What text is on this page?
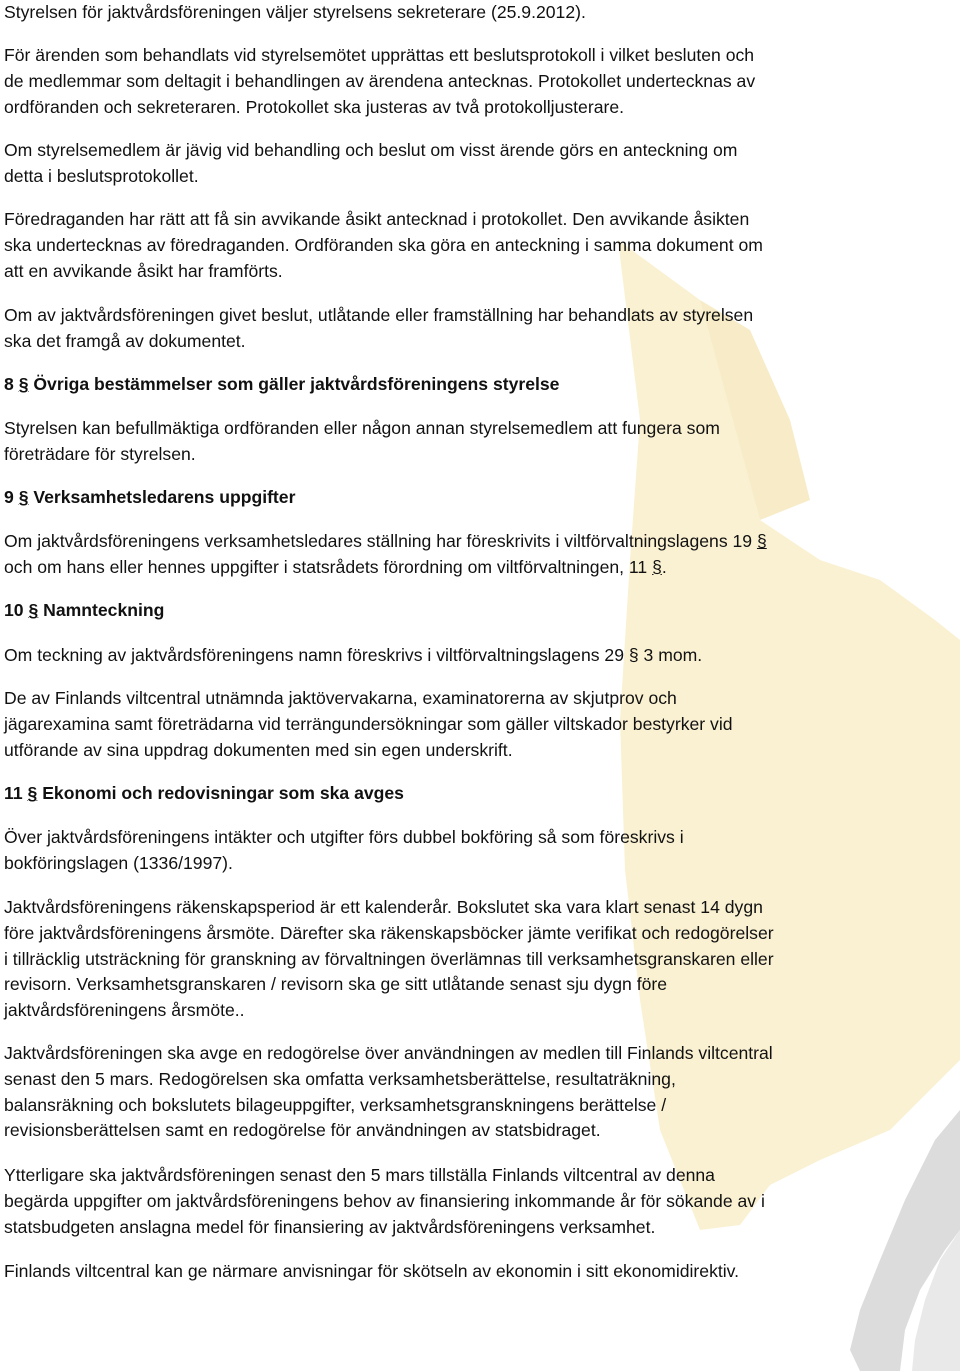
Styrelsen för jaktvårdsföreningen väljer styrelsens sekreterare (25.9.2012).

För ärenden som behandlats vid styrelsemötet upprättas ett beslutsprotokoll i vilket besluten och
de medlemmar som deltagit i behandlingen av ärendena antecknas. Protokollet undertecknas av
ordföranden och sekreteraren. Protokollet ska justeras av två protokolljusterare.

Om styrelsemedlem är jävig vid behandling och beslut om visst ärende görs en anteckning om
detta i beslutsprotokollet.

Föredraganden har rätt att få sin avvikande åsikt antecknad i protokollet. Den avvikande åsikten
ska undertecknas av föredraganden. Ordföranden ska göra en anteckning i samma dokument om
att en avvikande åsikt har framförts.

Om av jaktvårdsföreningen givet beslut, utlåtande eller framställning har behandlats av styrelsen
ska det framgå av dokumentet.

8 § Övriga bestämmelser som gäller jaktvårdsföreningens styrelse

Styrelsen kan befullmäktiga ordföranden eller någon annan styrelsemedlem att fungera som
företrädare för styrelsen.

9 § Verksamhetsledarens uppgifter

Om jaktvårdsföreningens verksamhetsledares ställning har föreskrivits i viltförvaltningslagens 19 §
och om hans eller hennes uppgifter i statsrådets förordning om viltförvaltningen, 11 §.

10 § Namnteckning

Om teckning av jaktvårdsföreningens namn föreskrivs i viltförvaltningslagens 29 § 3 mom.

De av Finlands viltcentral utnämnda jaktövervakarna, examinatorerna av skjutprov och
jägarexamina samt företrädarna vid terrängundersökningar som gäller viltskador bestyrker vid
utförande av sina uppdrag dokumenten med sin egen underskrift.

11 § Ekonomi och redovisningar som ska avges

Över jaktvårdsföreningens intäkter och utgifter förs dubbel bokföring så som föreskrivs i
bokföringslagen (1336/1997).

Jaktvårdsföreningens räkenskapsperiod är ett kalenderår. Bokslutet ska vara klart senast 14 dygn
före jaktvårdsföreningens årsmöte. Därefter ska räkenskapsböcker jämte verifikat och redogörelser
i tillräcklig utsträckning för granskning av förvaltningen överlämnas till verksamhetsgranskaren eller
revisorn. Verksamhetsgranskaren / revisorn ska ge sitt utlåtande senast sju dygn före
jaktvårdsföreningens årsmöte..

Jaktvårdsföreningen ska avge en redogörelse över användningen av medlen till Finlands viltcentral
senast den 5 mars. Redogörelsen ska omfatta verksamhetsberättelse, resultaträkning,
balansräkning och bokslutets bilageuppgifter, verksamhetsgranskningens berättelse /
revisionsberättelsen samt en redogörelse för användningen av statsbidraget.

Ytterligare ska jaktvårdsföreningen senast den 5 mars tillställa Finlands viltcentral av denna
begärda uppgifter om jaktvårdsföreningens behov av finansiering inkommande år för sökande av i
statsbudgeten anslagna medel för finansiering av jaktvårdsföreningens verksamhet.

Finlands viltcentral kan ge närmare anvisningar för skötseln av ekonomin i sitt ekonomidirektiv.
